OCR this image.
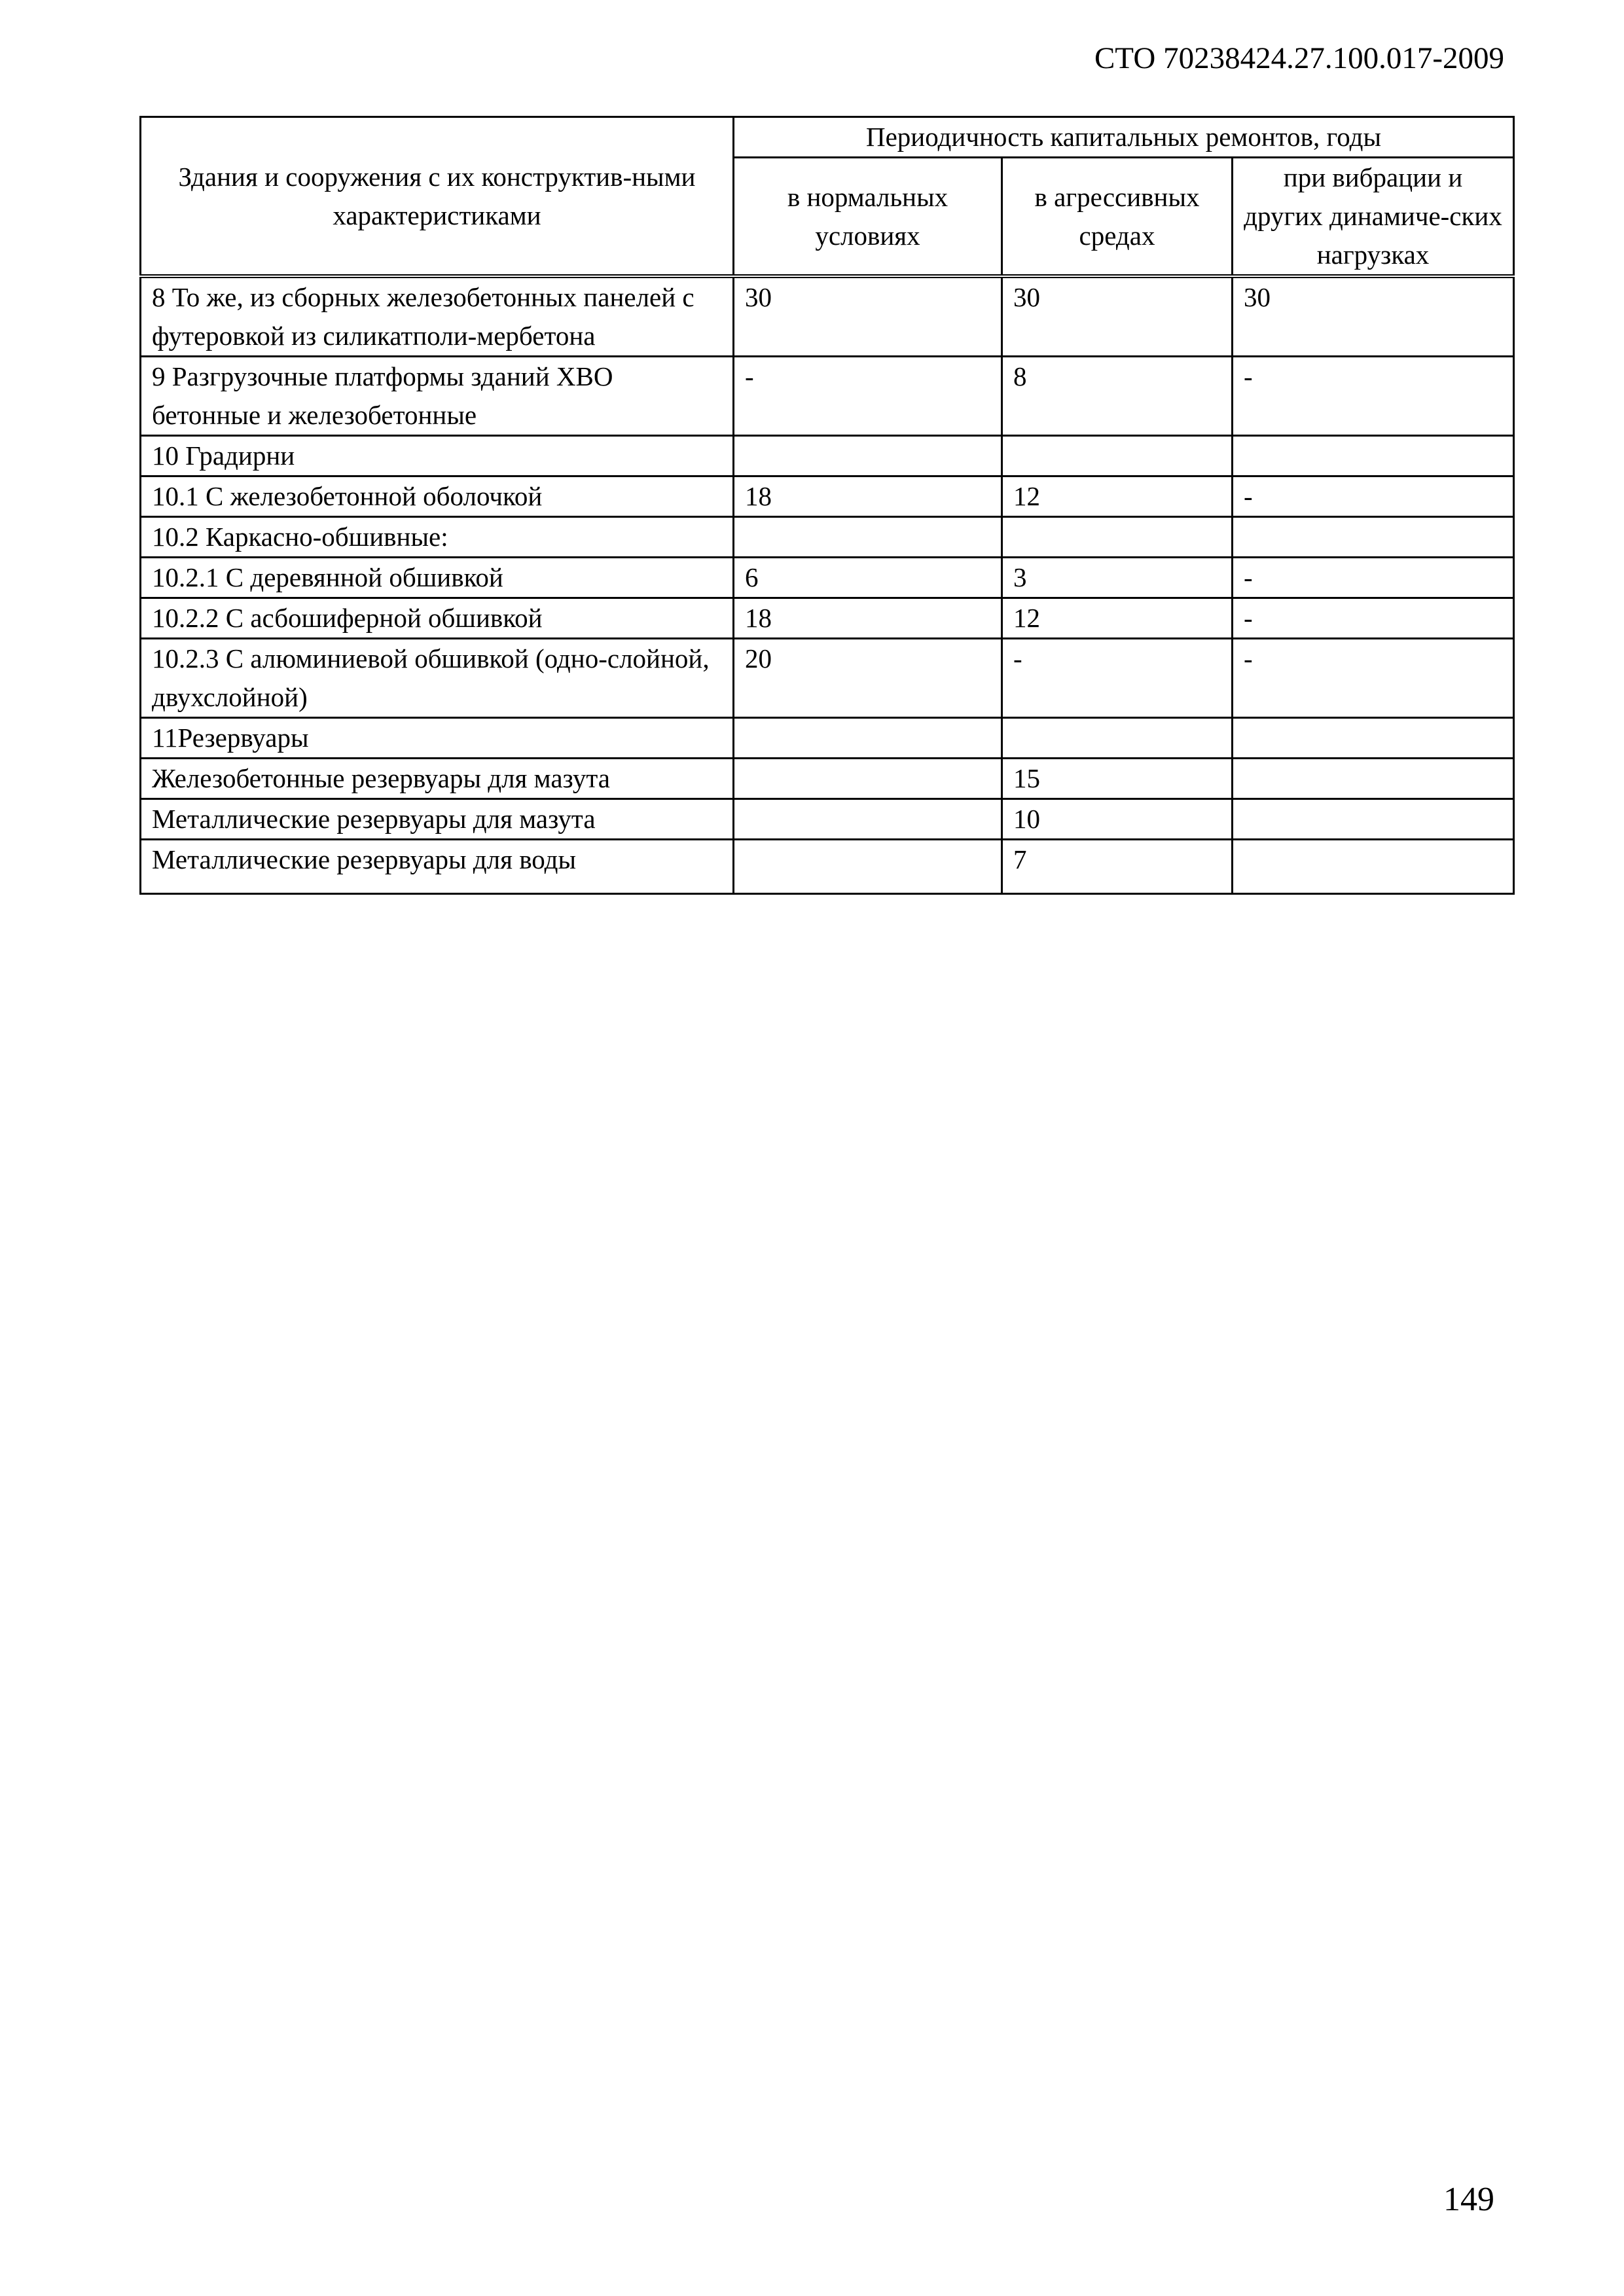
СТО 70238424.27.100.017-2009
Здания и сооружения с их конструктив-ными характеристиками	Периодичность капитальных ремонтов, годы		
	в нормальных условиях	в агрессивных средах	при вибрации и других динамиче-ских нагрузках
8 То же, из сборных железобетонных панелей с футеровкой из силикатполи-мербетона	30	30	30
9 Разгрузочные платформы зданий ХВО бетонные и железобетонные	-	8	-
10 Градирни			
10.1 С железобетонной оболочкой	18	12	-
10.2 Каркасно-обшивные:			
10.2.1 С деревянной обшивкой	6	3	-
10.2.2 С асбошиферной обшивкой	18	12	-
10.2.3 С алюминиевой обшивкой (одно-слойной, двухслойной)	20	-	-
11Резервуары			
Железобетонные резервуары для мазута		15	
Металлические резервуары для мазута		10	
Металлические резервуары для воды		7	
149
